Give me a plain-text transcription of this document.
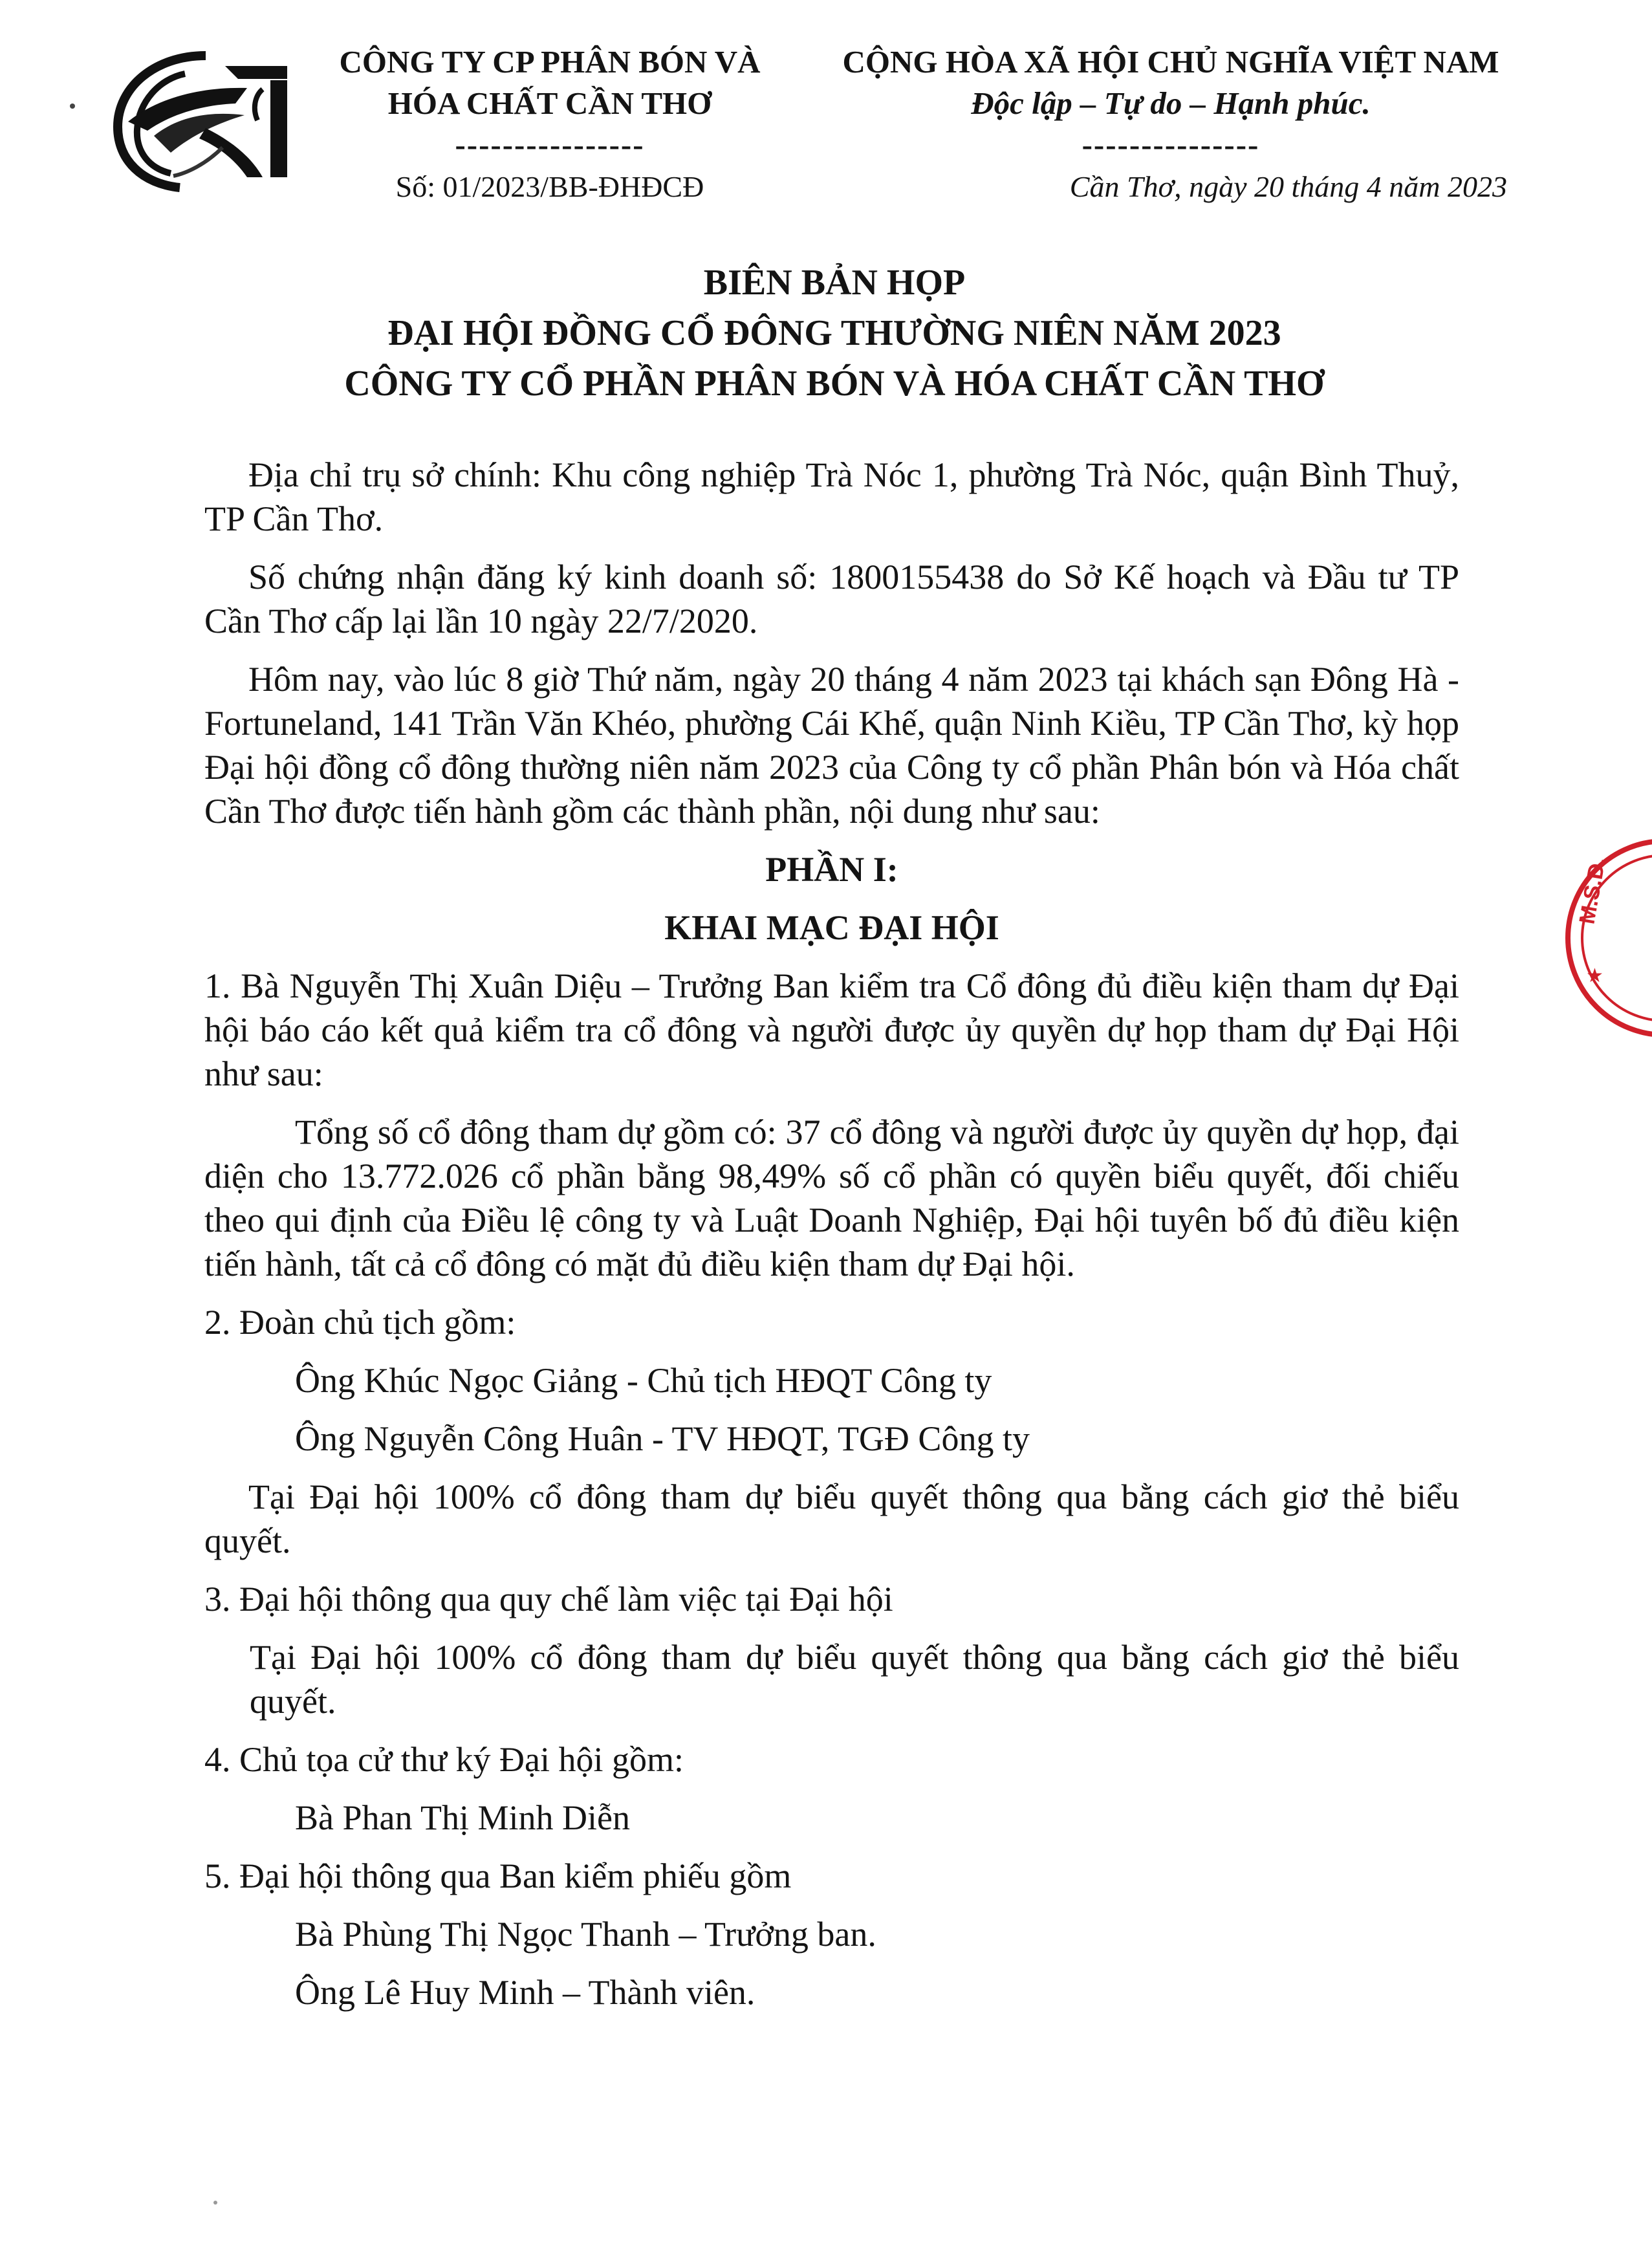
CÔNG TY CP PHÂN BÓN VÀ
HÓA CHẤT CẦN THƠ
----------------
Số: 01/2023/BB-ĐHĐCĐ
CỘNG HÒA XÃ HỘI CHỦ NGHĨA VIỆT NAM
Độc lập – Tự do – Hạnh phúc.
---------------
Cần Thơ, ngày 20 tháng 4 năm 2023
BIÊN BẢN HỌP
ĐẠI HỘI ĐỒNG CỔ ĐÔNG THƯỜNG NIÊN NĂM 2023
CÔNG TY CỔ PHẦN PHÂN BÓN VÀ HÓA CHẤT CẦN THƠ

Địa chỉ trụ sở chính: Khu công nghiệp Trà Nóc 1, phường Trà Nóc, quận Bình Thuỷ, TP Cần Thơ.

Số chứng nhận đăng ký kinh doanh số: 1800155438 do Sở Kế hoạch và Đầu tư TP Cần Thơ cấp lại lần 10 ngày 22/7/2020.

Hôm nay, vào lúc 8 giờ Thứ năm, ngày 20 tháng 4 năm 2023 tại khách sạn Đông Hà - Fortuneland, 141 Trần Văn Khéo, phường Cái Khế, quận Ninh Kiều, TP Cần Thơ, kỳ họp Đại hội đồng cổ đông thường niên năm 2023 của Công ty cổ phần Phân bón và Hóa chất Cần Thơ được tiến hành gồm các thành phần, nội dung như sau:

PHẦN I:

KHAI MẠC ĐẠI HỘI

1. Bà Nguyễn Thị Xuân Diệu – Trưởng Ban kiểm tra Cổ đông đủ điều kiện tham dự Đại hội báo cáo kết quả kiểm tra cổ đông và người được ủy quyền dự họp tham dự Đại Hội như sau:

Tổng số cổ đông tham dự gồm có: 37 cổ đông và người được ủy quyền dự họp, đại diện cho 13.772.026 cổ phần bằng 98,49% số cổ phần có quyền biểu quyết, đối chiếu theo qui định của Điều lệ công ty và Luật Doanh Nghiệp, Đại hội tuyên bố đủ điều kiện tiến hành, tất cả cổ đông có mặt đủ điều kiện tham dự Đại hội.

2. Đoàn chủ tịch gồm:

Ông Khúc Ngọc Giảng - Chủ tịch HĐQT Công ty

Ông Nguyễn Công Huân - TV HĐQT, TGĐ Công ty

Tại Đại hội 100% cổ đông tham dự biểu quyết thông qua bằng cách giơ thẻ biểu quyết.

3. Đại hội thông qua quy chế làm việc tại Đại hội

Tại Đại hội 100% cổ đông tham dự biểu quyết thông qua bằng cách giơ thẻ biểu quyết.

4. Chủ tọa cử thư ký Đại hội gồm:

Bà Phan Thị Minh Diễn

5. Đại hội thông qua Ban kiểm phiếu gồm

Bà Phùng Thị Ngọc Thanh – Trưởng ban.

Ông Lê Huy Minh – Thành viên.

M.S.D.
★
